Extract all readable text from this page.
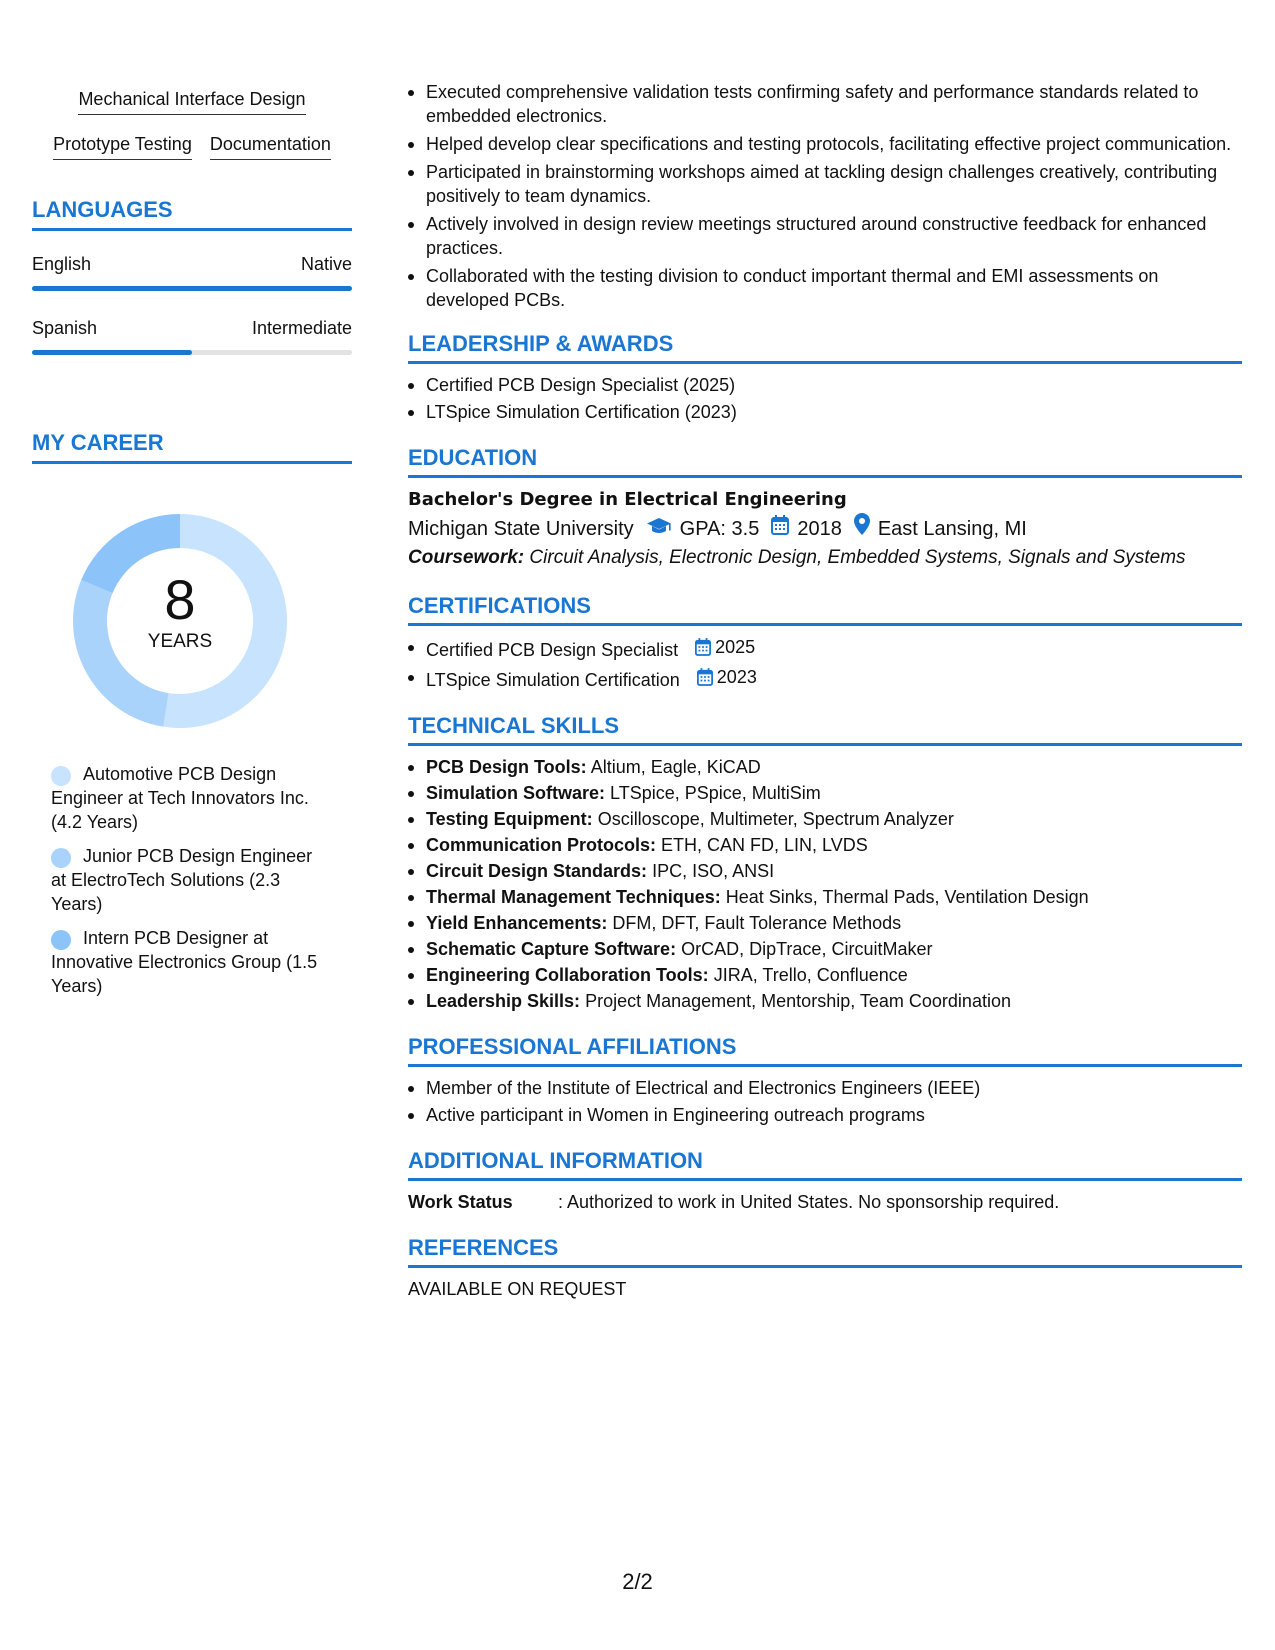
Mechanical Interface Design
Prototype Testing Documentation
LANGUAGES
English	Native
Spanish	Intermediate
MY CAREER
8
YEARS
Automotive PCB Design Engineer at Tech Innovators Inc. (4.2 Years)
Junior PCB Design Engineer at ElectroTech Solutions (2.3 Years)
Intern PCB Designer at Innovative Electronics Group (1.5 Years)
Executed comprehensive validation tests confirming safety and performance standards related to embedded electronics.
Helped develop clear specifications and testing protocols, facilitating effective project communication.
Participated in brainstorming workshops aimed at tackling design challenges creatively, contributing positively to team dynamics.
Actively involved in design review meetings structured around constructive feedback for enhanced practices.
Collaborated with the testing division to conduct important thermal and EMI assessments on developed PCBs.
LEADERSHIP & AWARDS
Certified PCB Design Specialist (2025)
LTSpice Simulation Certification (2023)
EDUCATION
Bachelor's Degree in Electrical Engineering
Michigan State University GPA: 3.5 2018 East Lansing, MI
Coursework: Circuit Analysis, Electronic Design, Embedded Systems, Signals and Systems
CERTIFICATIONS
Certified PCB Design Specialist 2025
LTSpice Simulation Certification 2023
TECHNICAL SKILLS
PCB Design Tools: Altium, Eagle, KiCAD
Simulation Software: LTSpice, PSpice, MultiSim
Testing Equipment: Oscilloscope, Multimeter, Spectrum Analyzer
Communication Protocols: ETH, CAN FD, LIN, LVDS
Circuit Design Standards: IPC, ISO, ANSI
Thermal Management Techniques: Heat Sinks, Thermal Pads, Ventilation Design
Yield Enhancements: DFM, DFT, Fault Tolerance Methods
Schematic Capture Software: OrCAD, DipTrace, CircuitMaker
Engineering Collaboration Tools: JIRA, Trello, Confluence
Leadership Skills: Project Management, Mentorship, Team Coordination
PROFESSIONAL AFFILIATIONS
Member of the Institute of Electrical and Electronics Engineers (IEEE)
Active participant in Women in Engineering outreach programs
ADDITIONAL INFORMATION
Work Status	: Authorized to work in United States. No sponsorship required.
REFERENCES
AVAILABLE ON REQUEST
2/2
